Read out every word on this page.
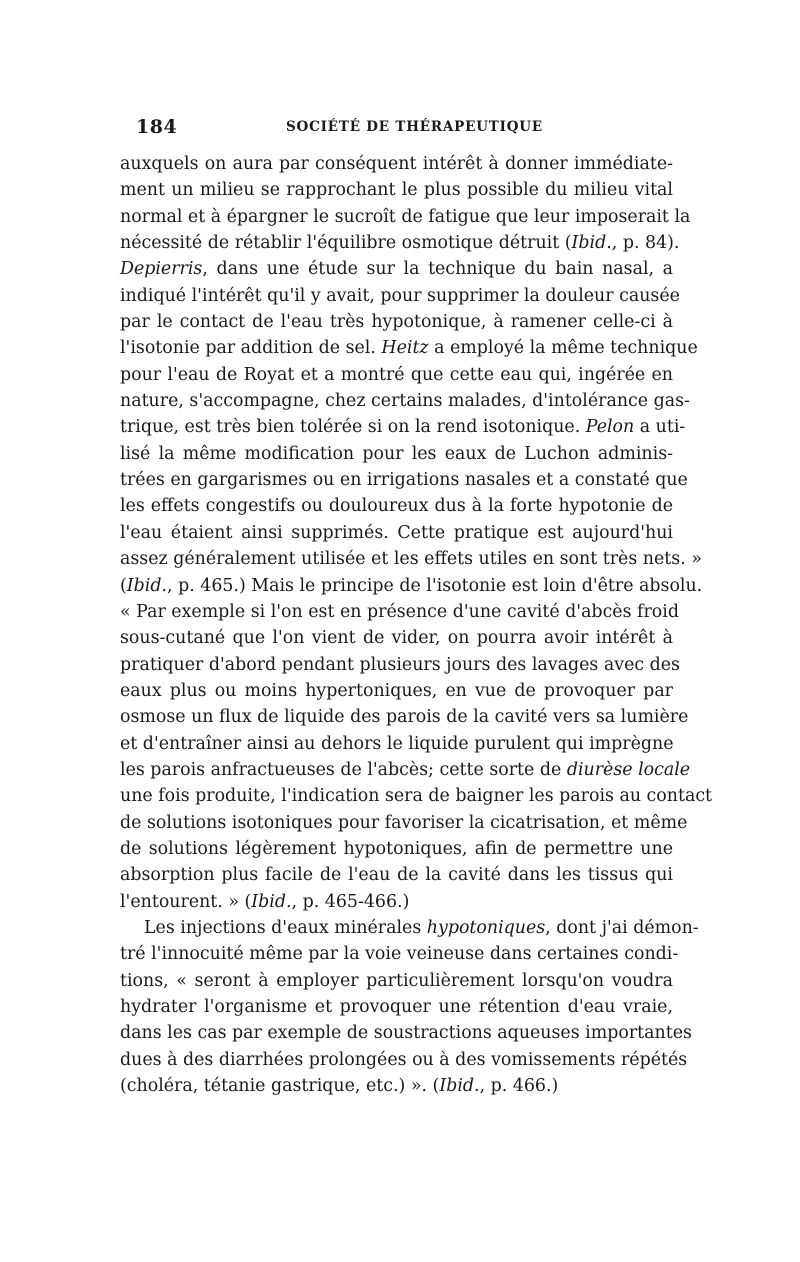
184	SOCIÉTÉ DE THÉRAPEUTIQUE
auxquels on aura par conséquent intérêt à donner immédiate-
ment un milieu se rapprochant le plus possible du milieu vital
normal et à épargner le sucroît de fatigue que leur imposerait la
nécessité de rétablir l'équilibre osmotique détruit (Ibid., p. 84).
Depierris, dans une étude sur la technique du bain nasal, a
indiqué l'intérêt qu'il y avait, pour supprimer la douleur causée
par le contact de l'eau très hypotonique, à ramener celle-ci à
l'isotonie par addition de sel. Heitz a employé la même technique
pour l'eau de Royat et a montré que cette eau qui, ingérée en
nature, s'accompagne, chez certains malades, d'intolérance gas-
trique, est très bien tolérée si on la rend isotonique. Pelon a uti-
lisé la même modification pour les eaux de Luchon adminis-
trées en gargarismes ou en irrigations nasales et a constaté que
les effets congestifs ou douloureux dus à la forte hypotonie de
l'eau étaient ainsi supprimés. Cette pratique est aujourd'hui
assez généralement utilisée et les effets utiles en sont très nets. »
(Ibid., p. 465.) Mais le principe de l'isotonie est loin d'être absolu.
« Par exemple si l'on est en présence d'une cavité d'abcès froid
sous-cutané que l'on vient de vider, on pourra avoir intérêt à
pratiquer d'abord pendant plusieurs jours des lavages avec des
eaux plus ou moins hypertoniques, en vue de provoquer par
osmose un flux de liquide des parois de la cavité vers sa lumière
et d'entraîner ainsi au dehors le liquide purulent qui imprègne
les parois anfractueuses de l'abcès; cette sorte de diurèse locale
une fois produite, l'indication sera de baigner les parois au contact
de solutions isotoniques pour favoriser la cicatrisation, et même
de solutions légèrement hypotoniques, afin de permettre une
absorption plus facile de l'eau de la cavité dans les tissus qui
l'entourent. » (Ibid., p. 465-466.)
Les injections d'eaux minérales hypotoniques, dont j'ai démon-
tré l'innocuité même par la voie veineuse dans certaines condi-
tions, « seront à employer particulièrement lorsqu'on voudra
hydrater l'organisme et provoquer une rétention d'eau vraie,
dans les cas par exemple de soustractions aqueuses importantes
dues à des diarrhées prolongées ou à des vomissements répétés
(choléra, tétanie gastrique, etc.) ». (Ibid., p. 466.)
